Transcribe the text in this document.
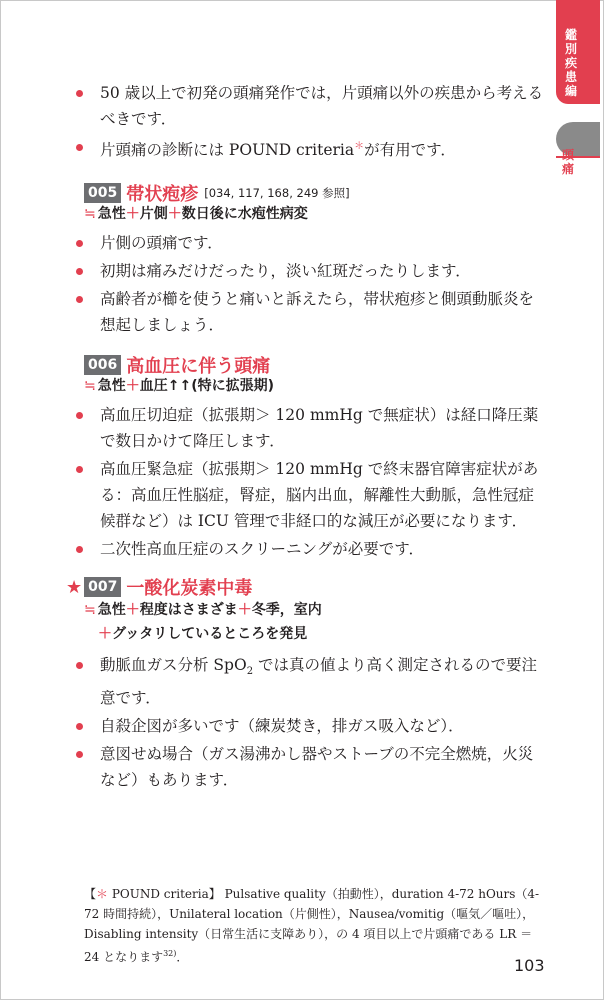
鑑別疾患編
頭痛
50 歳以上で初発の頭痛発作では，片頭痛以外の疾患から考えるべきです．
片頭痛の診断には POUND criteria＊が有用です．
005 帯状疱疹 [034, 117, 168, 249 参照]
≒ 急性＋片側＋数日後に水疱性病変
片側の頭痛です．
初期は痛みだけだったり，淡い紅斑だったりします．
高齢者が櫛を使うと痛いと訴えたら，帯状疱疹と側頭動脈炎を想起しましょう．
006 高血圧に伴う頭痛
≒ 急性＋血圧↑↑(特に拡張期)
高血圧切迫症（拡張期＞ 120 mmHg で無症状）は経口降圧薬で数日かけて降圧します．
高血圧緊急症（拡張期＞ 120 mmHg で終末器官障害症状がある：高血圧性脳症，腎症，脳内出血，解離性大動脈，急性冠症候群など）は ICU 管理で非経口的な減圧が必要になります．
二次性高血圧症のスクリーニングが必要です．
★ 007 一酸化炭素中毒
≒ 急性＋程度はさまざま＋冬季，室内
＋グッタリしているところを発見
動脈血ガス分析 SpO$_2$ では真の値より高く測定されるので要注意です．
自殺企図が多いです（練炭焚き，排ガス吸入など）．
意図せぬ場合（ガス湯沸かし器やストーブの不完全燃焼，火災など）もあります．
【＊ POUND criteria】 Pulsative quality（拍動性），duration 4-72 hOurs（4-72 時間持続），Unilateral location（片側性），Nausea/vomitig（嘔気／嘔吐），Disabling intensity（日常生活に支障あり），の 4 項目以上で片頭痛である LR ＝ 24 となります$^{32)}$．	103
